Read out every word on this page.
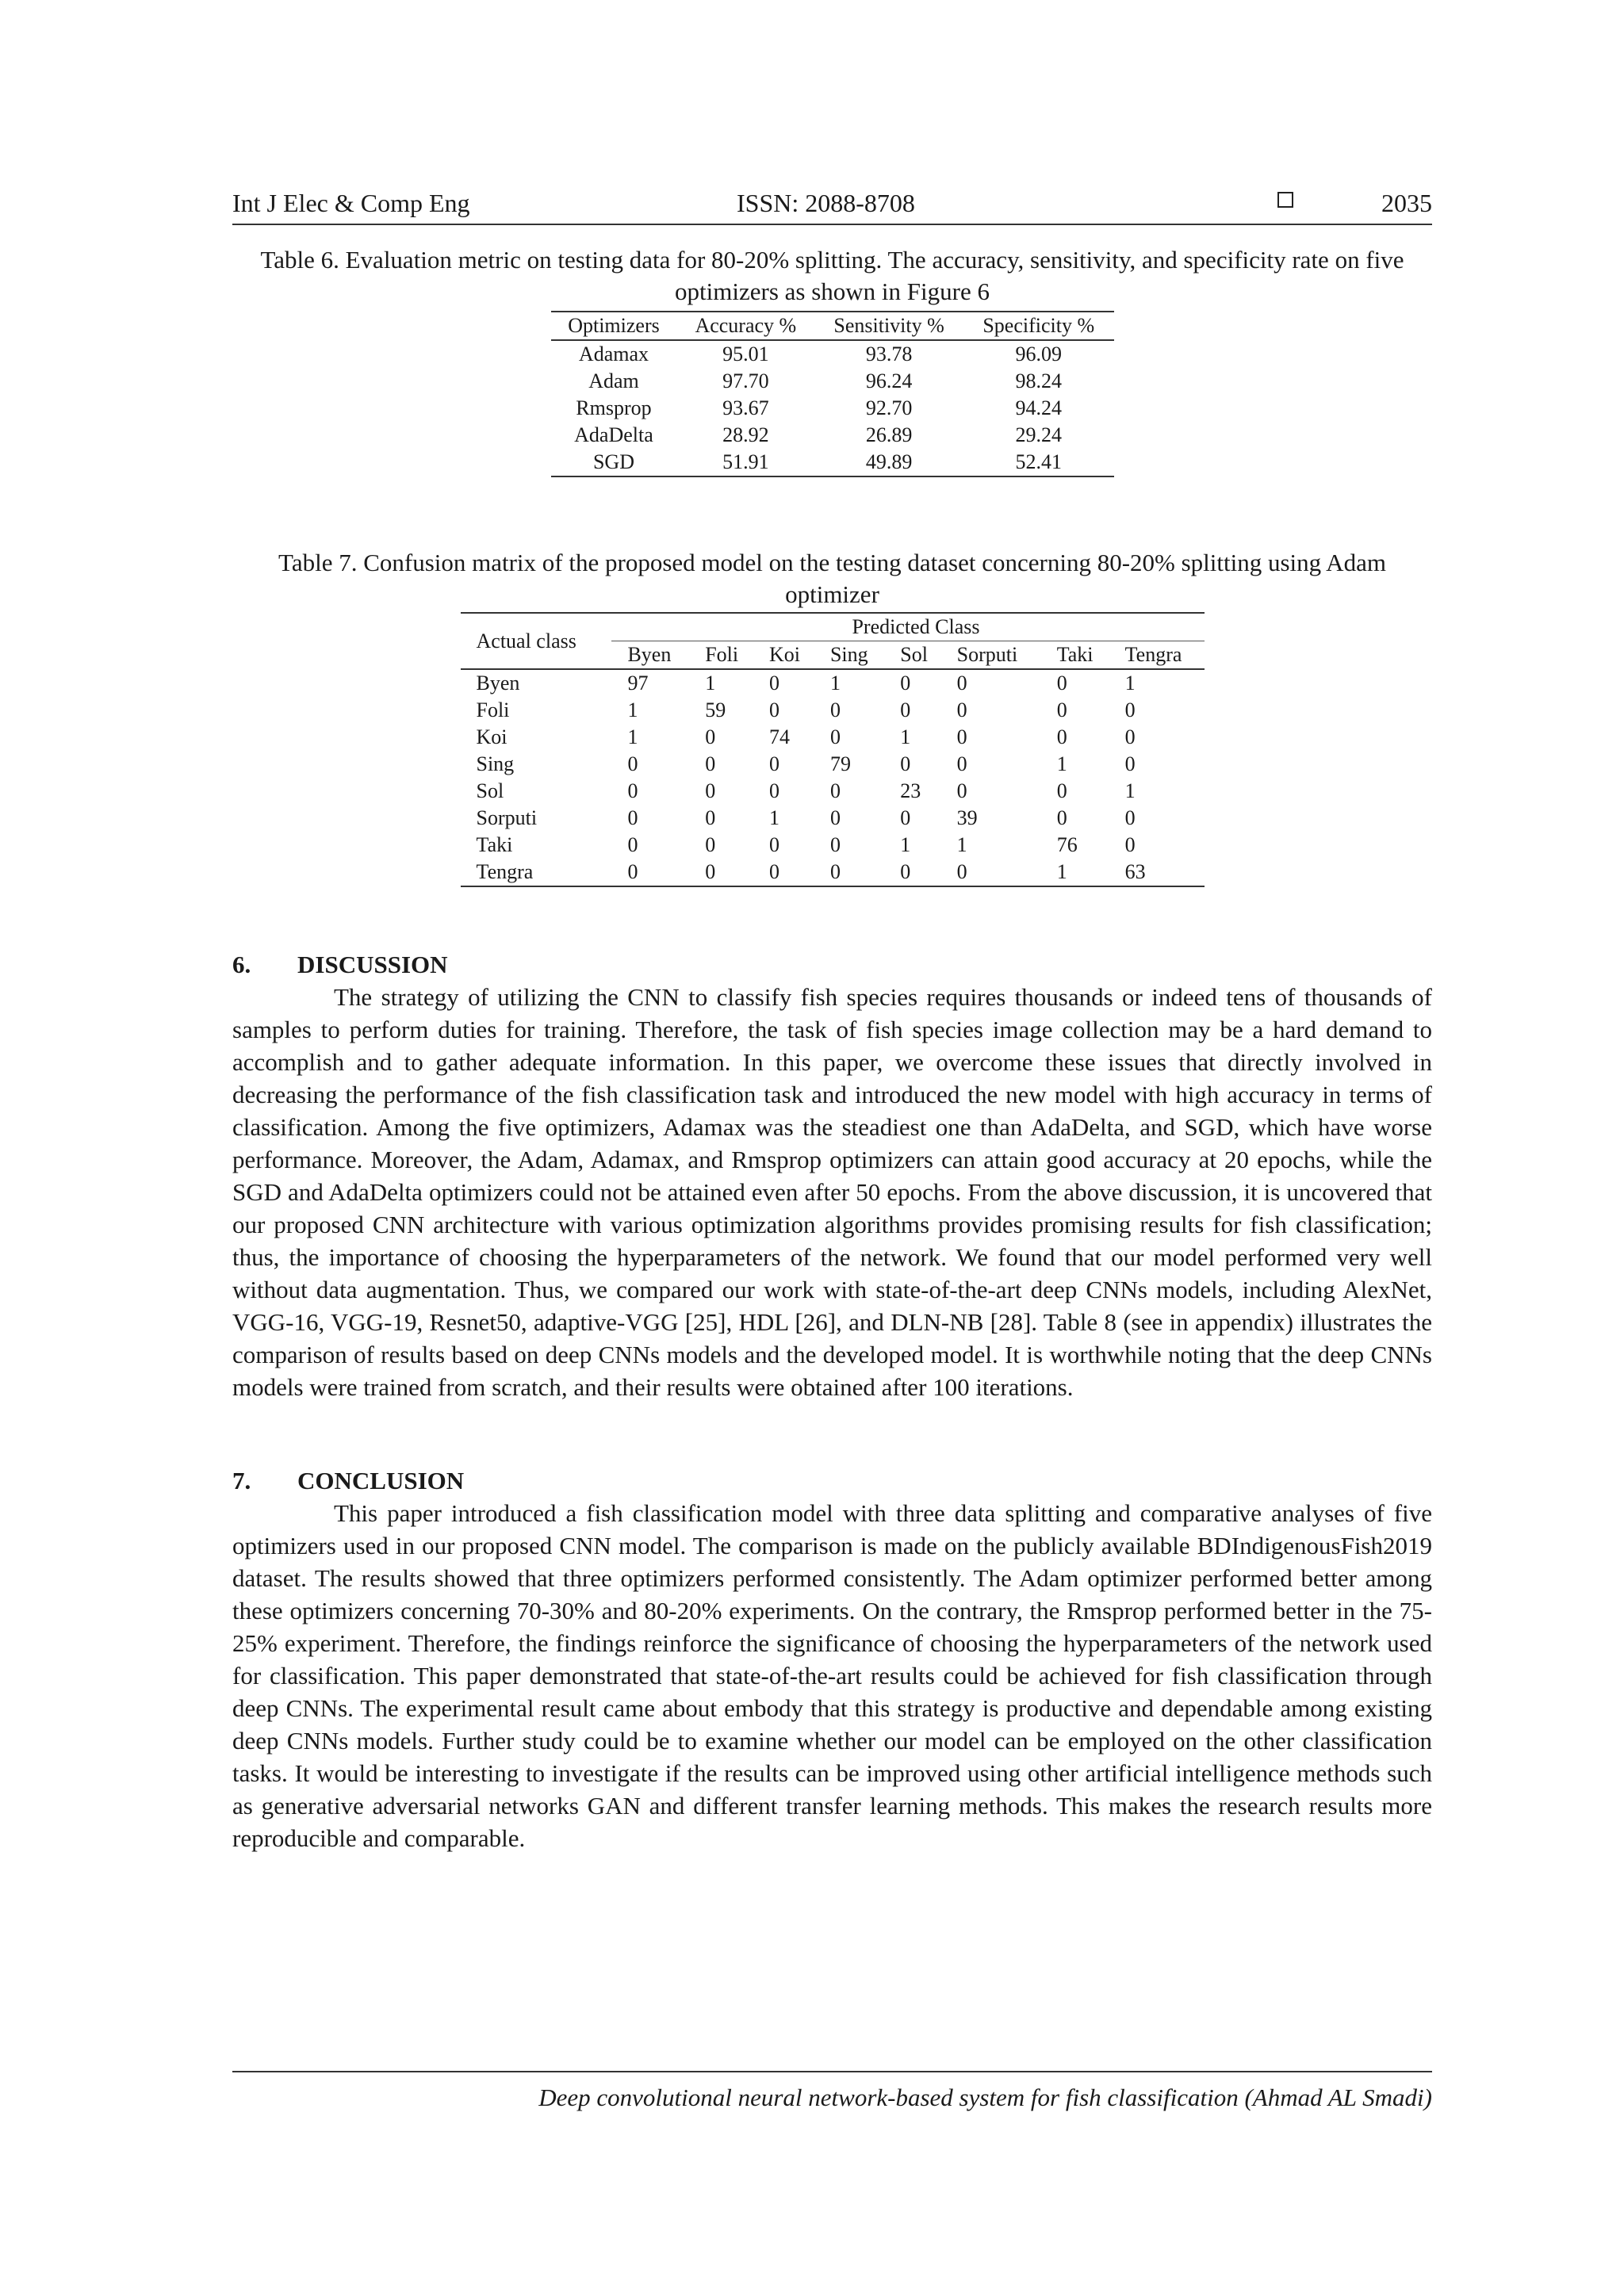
Int J Elec & Comp Eng	ISSN: 2088-8708	2035
Table 6. Evaluation metric on testing data for 80-20% splitting. The accuracy, sensitivity, and specificity rate on five optimizers as shown in Figure 6
Optimizers	Accuracy %	Sensitivity %	Specificity %
Adamax	95.01	93.78	96.09
Adam	97.70	96.24	98.24
Rmsprop	93.67	92.70	94.24
AdaDelta	28.92	26.89	29.24
SGD	51.91	49.89	52.41
Table 7. Confusion matrix of the proposed model on the testing dataset concerning 80-20% splitting using Adam optimizer
Actual class	Predicted Class							
	Byen	Foli	Koi	Sing	Sol	Sorputi	Taki	Tengra
Byen	97	1	0	1	0	0	0	1
Foli	1	59	0	0	0	0	0	0
Koi	1	0	74	0	1	0	0	0
Sing	0	0	0	79	0	0	1	0
Sol	0	0	0	0	23	0	0	1
Sorputi	0	0	1	0	0	39	0	0
Taki	0	0	0	0	1	1	76	0
Tengra	0	0	0	0	0	0	1	63
6. DISCUSSION

The strategy of utilizing the CNN to classify fish species requires thousands or indeed tens of thousands of samples to perform duties for training. Therefore, the task of fish species image collection may be a hard demand to accomplish and to gather adequate information. In this paper, we overcome these issues that directly involved in decreasing the performance of the fish classification task and introduced the new model with high accuracy in terms of classification. Among the five optimizers, Adamax was the steadiest one than AdaDelta, and SGD, which have worse performance. Moreover, the Adam, Adamax, and Rmsprop optimizers can attain good accuracy at 20 epochs, while the SGD and AdaDelta optimizers could not be attained even after 50 epochs. From the above discussion, it is uncovered that our proposed CNN architecture with various optimization algorithms provides promising results for fish classification; thus, the importance of choosing the hyperparameters of the network. We found that our model performed very well without data augmentation. Thus, we compared our work with state-of-the-art deep CNNs models, including AlexNet, VGG-16, VGG-19, Resnet50, adaptive-VGG [25], HDL [26], and DLN-NB [28]. Table 8 (see in appendix) illustrates the comparison of results based on deep CNNs models and the developed model. It is worthwhile noting that the deep CNNs models were trained from scratch, and their results were obtained after 100 iterations.

7. CONCLUSION

This paper introduced a fish classification model with three data splitting and comparative analyses of five optimizers used in our proposed CNN model. The comparison is made on the publicly available BDIndigenousFish2019 dataset. The results showed that three optimizers performed consistently. The Adam optimizer performed better among these optimizers concerning 70-30% and 80-20% experiments. On the contrary, the Rmsprop performed better in the 75-25% experiment. Therefore, the findings reinforce the significance of choosing the hyperparameters of the network used for classification. This paper demonstrated that state-of-the-art results could be achieved for fish classification through deep CNNs. The experimental result came about embody that this strategy is productive and dependable among existing deep CNNs models. Further study could be to examine whether our model can be employed on the other classification tasks. It would be interesting to investigate if the results can be improved using other artificial intelligence methods such as generative adversarial networks GAN and different transfer learning methods. This makes the research results more reproducible and comparable.

Deep convolutional neural network-based system for fish classification (Ahmad AL Smadi)
